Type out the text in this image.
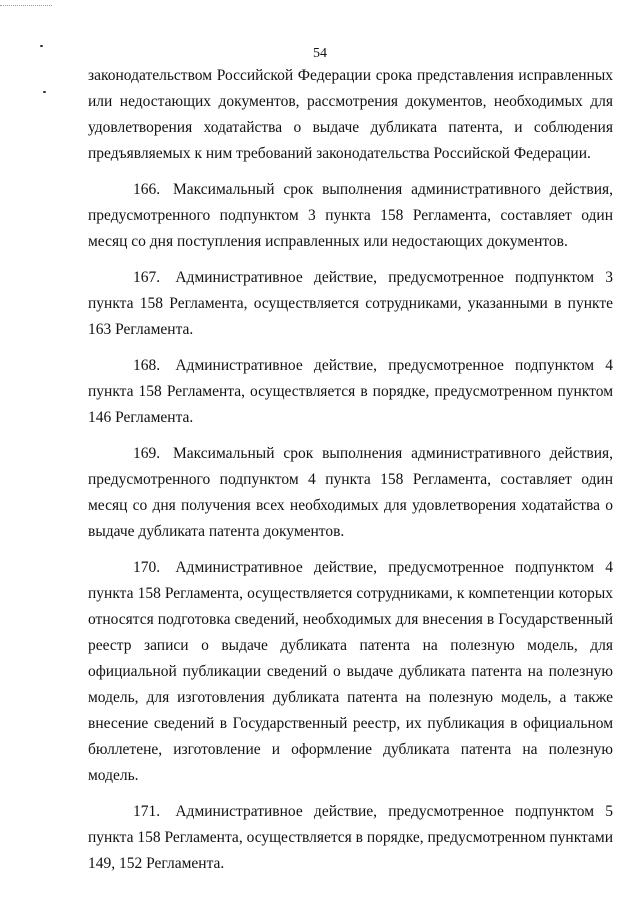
54

законодательством Российской Федерации срока представления исправленных или недостающих документов, рассмотрения документов, необходимых для удовлетворения ходатайства о выдаче дубликата патента, и соблюдения предъявляемых к ним требований законодательства Российской Федерации.

166. Максимальный срок выполнения административного действия, предусмотренного подпунктом 3 пункта 158 Регламента, составляет один месяц со дня поступления исправленных или недостающих документов.

167. Административное действие, предусмотренное подпунктом 3 пункта 158 Регламента, осуществляется сотрудниками, указанными в пункте 163 Регламента.

168. Административное действие, предусмотренное подпунктом 4 пункта 158 Регламента, осуществляется в порядке, предусмотренном пунктом 146 Регламента.

169. Максимальный срок выполнения административного действия, предусмотренного подпунктом 4 пункта 158 Регламента, составляет один месяц со дня получения всех необходимых для удовлетворения ходатайства о выдаче дубликата патента документов.

170. Административное действие, предусмотренное подпунктом 4 пункта 158 Регламента, осуществляется сотрудниками, к компетенции которых относятся подготовка сведений, необходимых для внесения в Государственный реестр записи о выдаче дубликата патента на полезную модель, для официальной публикации сведений о выдаче дубликата патента на полезную модель, для изготовления дубликата патента на полезную модель, а также внесение сведений в Государственный реестр, их публикация в официальном бюллетене, изготовление и оформление дубликата патента на полезную модель.

171. Административное действие, предусмотренное подпунктом 5 пункта 158 Регламента, осуществляется в порядке, предусмотренном пунктами 149, 152 Регламента.
